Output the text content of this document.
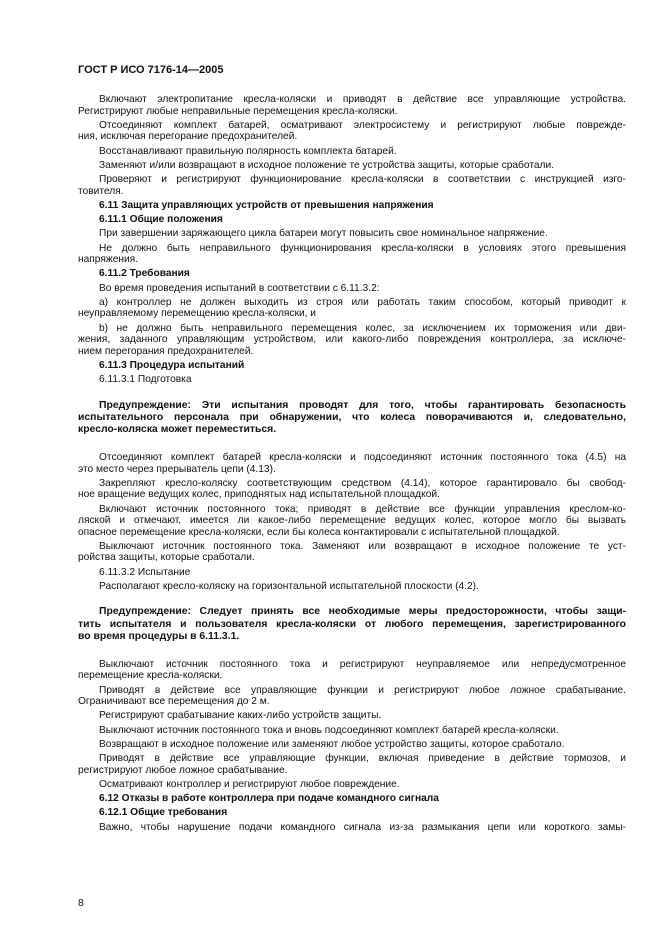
ГОСТ Р ИСО 7176-14—2005
Включают электропитание кресла-коляски и приводят в действие все управляющие устройства.
Регистрируют любые неправильные перемещения кресла-коляски.
Отсоединяют комплект батарей, осматривают электросистему и регистрируют любые поврежде-
ния, исключая перегорание предохранителей.
Восстанавливают правильную полярность комплекта батарей.
Заменяют и/или возвращают в исходное положение те устройства защиты, которые сработали.
Проверяют и регистрируют функционирование кресла-коляски в соответствии с инструкцией изго-
товителя.
6.11 Защита управляющих устройств от превышения напряжения
6.11.1 Общие положения
При завершении заряжающего цикла батареи могут повысить свое номинальное напряжение.
Не должно быть неправильного функционирования кресла-коляски в условиях этого превышения
напряжения.
6.11.2 Требования
Во время проведения испытаний в соответствии с 6.11.3.2:
а) контроллер не должен выходить из строя или работать таким способом, который приводит к
неуправляемому перемещению кресла-коляски, и
b) не должно быть неправильного перемещения колес, за исключением их торможения или дви-
жения, заданного управляющим устройством, или какого-либо повреждения контроллера, за исключе-
нием перегорания предохранителей.
6.11.3 Процедура испытаний
6.11.3.1 Подготовка
Предупреждение: Эти испытания проводят для того, чтобы гарантировать безопасность
испытательного персонала при обнаружении, что колеса поворачиваются и, следовательно,
кресло-коляска может переместиться.
Отсоединяют комплект батарей кресла-коляски и подсоединяют источник постоянного тока (4.5) на
это место через прерыватель цепи (4.13).
Закрепляют кресло-коляску соответствующим средством (4.14), которое гарантировало бы свобод-
ное вращение ведущих колес, приподнятых над испытательной площадкой.
Включают источник постоянного тока; приводят в действие все функции управления креслом-ко-
ляской и отмечают, имеется ли какое-либо перемещение ведущих колес, которое могло бы вызвать
опасное перемещение кресла-коляски, если бы колеса контактировали с испытательной площадкой.
Выключают источник постоянного тока. Заменяют или возвращают в исходное положение те уст-
ройства защиты, которые сработали.
6.11.3.2 Испытание
Располагают кресло-коляску на горизонтальной испытательной плоскости (4.2).
Предупреждение: Следует принять все необходимые меры предосторожности, чтобы защи-
тить испытателя и пользователя кресла-коляски от любого перемещения, зарегистрированного
во время процедуры в 6.11.3.1.
Выключают источник постоянного тока и регистрируют неуправляемое или непредусмотренное
перемещение кресла-коляски.
Приводят в действие все управляющие функции и регистрируют любое ложное срабатывание.
Ограничивают все перемещения до 2 м.
Регистрируют срабатывание каких-либо устройств защиты.
Выключают источник постоянного тока и вновь подсоединяют комплект батарей кресла-коляски.
Возвращают в исходное положение или заменяют любое устройство защиты, которое сработало.
Приводят в действие все управляющие функции, включая приведение в действие тормозов, и
регистрируют любое ложное срабатывание.
Осматривают контроллер и регистрируют любое повреждение.
6.12 Отказы в работе контроллера при подаче командного сигнала
6.12.1 Общие требования
Важно, чтобы нарушение подачи командного сигнала из-за размыкания цепи или короткого замы-
8
